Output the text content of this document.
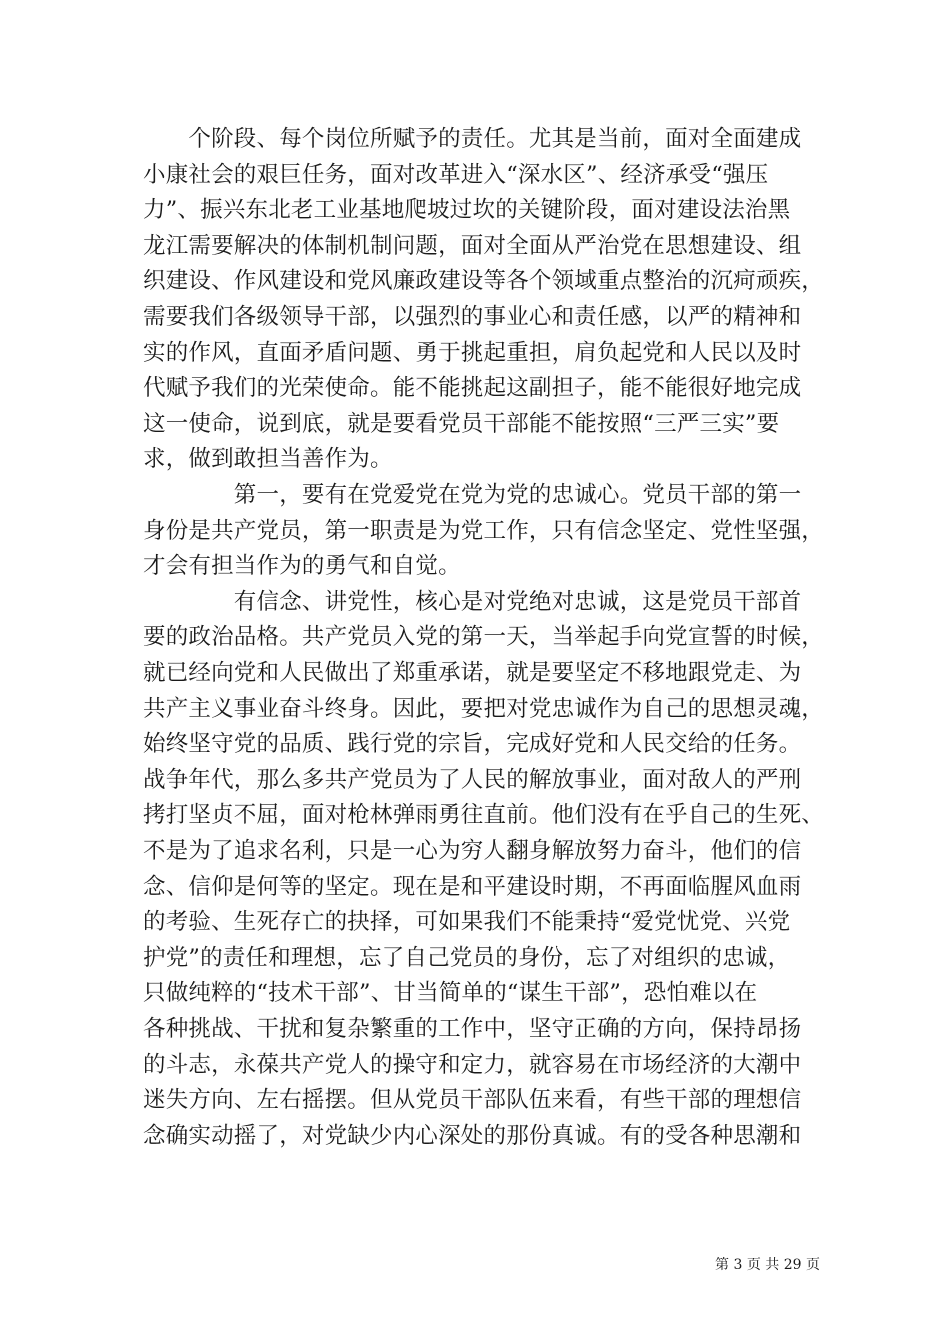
　　个阶段、每个岗位所赋予的责任。尤其是当前，面对全面建成
小康社会的艰巨任务，面对改革进入“深水区”、经济承受“强压
力”、振兴东北老工业基地爬坡过坎的关键阶段，面对建设法治黑
龙江需要解决的体制机制问题，面对全面从严治党在思想建设、组
织建设、作风建设和党风廉政建设等各个领域重点整治的沉疴顽疾，
需要我们各级领导干部，以强烈的事业心和责任感，以严的精神和
实的作风，直面矛盾问题、勇于挑起重担，肩负起党和人民以及时
代赋予我们的光荣使命。能不能挑起这副担子，能不能很好地完成
这一使命，说到底，就是要看党员干部能不能按照“三严三实”要
求，做到敢担当善作为。
　　　　第一，要有在党爱党在党为党的忠诚心。党员干部的第一
身份是共产党员，第一职责是为党工作，只有信念坚定、党性坚强，
才会有担当作为的勇气和自觉。
　　　　有信念、讲党性，核心是对党绝对忠诚，这是党员干部首
要的政治品格。共产党员入党的第一天，当举起手向党宣誓的时候，
就已经向党和人民做出了郑重承诺，就是要坚定不移地跟党走、为
共产主义事业奋斗终身。因此，要把对党忠诚作为自己的思想灵魂，
始终坚守党的品质、践行党的宗旨，完成好党和人民交给的任务。
战争年代，那么多共产党员为了人民的解放事业，面对敌人的严刑
拷打坚贞不屈，面对枪林弹雨勇往直前。他们没有在乎自己的生死、
不是为了追求名利，只是一心为穷人翻身解放努力奋斗，他们的信
念、信仰是何等的坚定。现在是和平建设时期，不再面临腥风血雨
的考验、生死存亡的抉择，可如果我们不能秉持“爱党忧党、兴党
护党”的责任和理想，忘了自己党员的身份，忘了对组织的忠诚，
只做纯粹的“技术干部”、甘当简单的“谋生干部”，恐怕难以在
各种挑战、干扰和复杂繁重的工作中，坚守正确的方向，保持昂扬
的斗志，永葆共产党人的操守和定力，就容易在市场经济的大潮中
迷失方向、左右摇摆。但从党员干部队伍来看，有些干部的理想信
念确实动摇了，对党缺少内心深处的那份真诚。有的受各种思潮和
第 3 页 共 29 页
